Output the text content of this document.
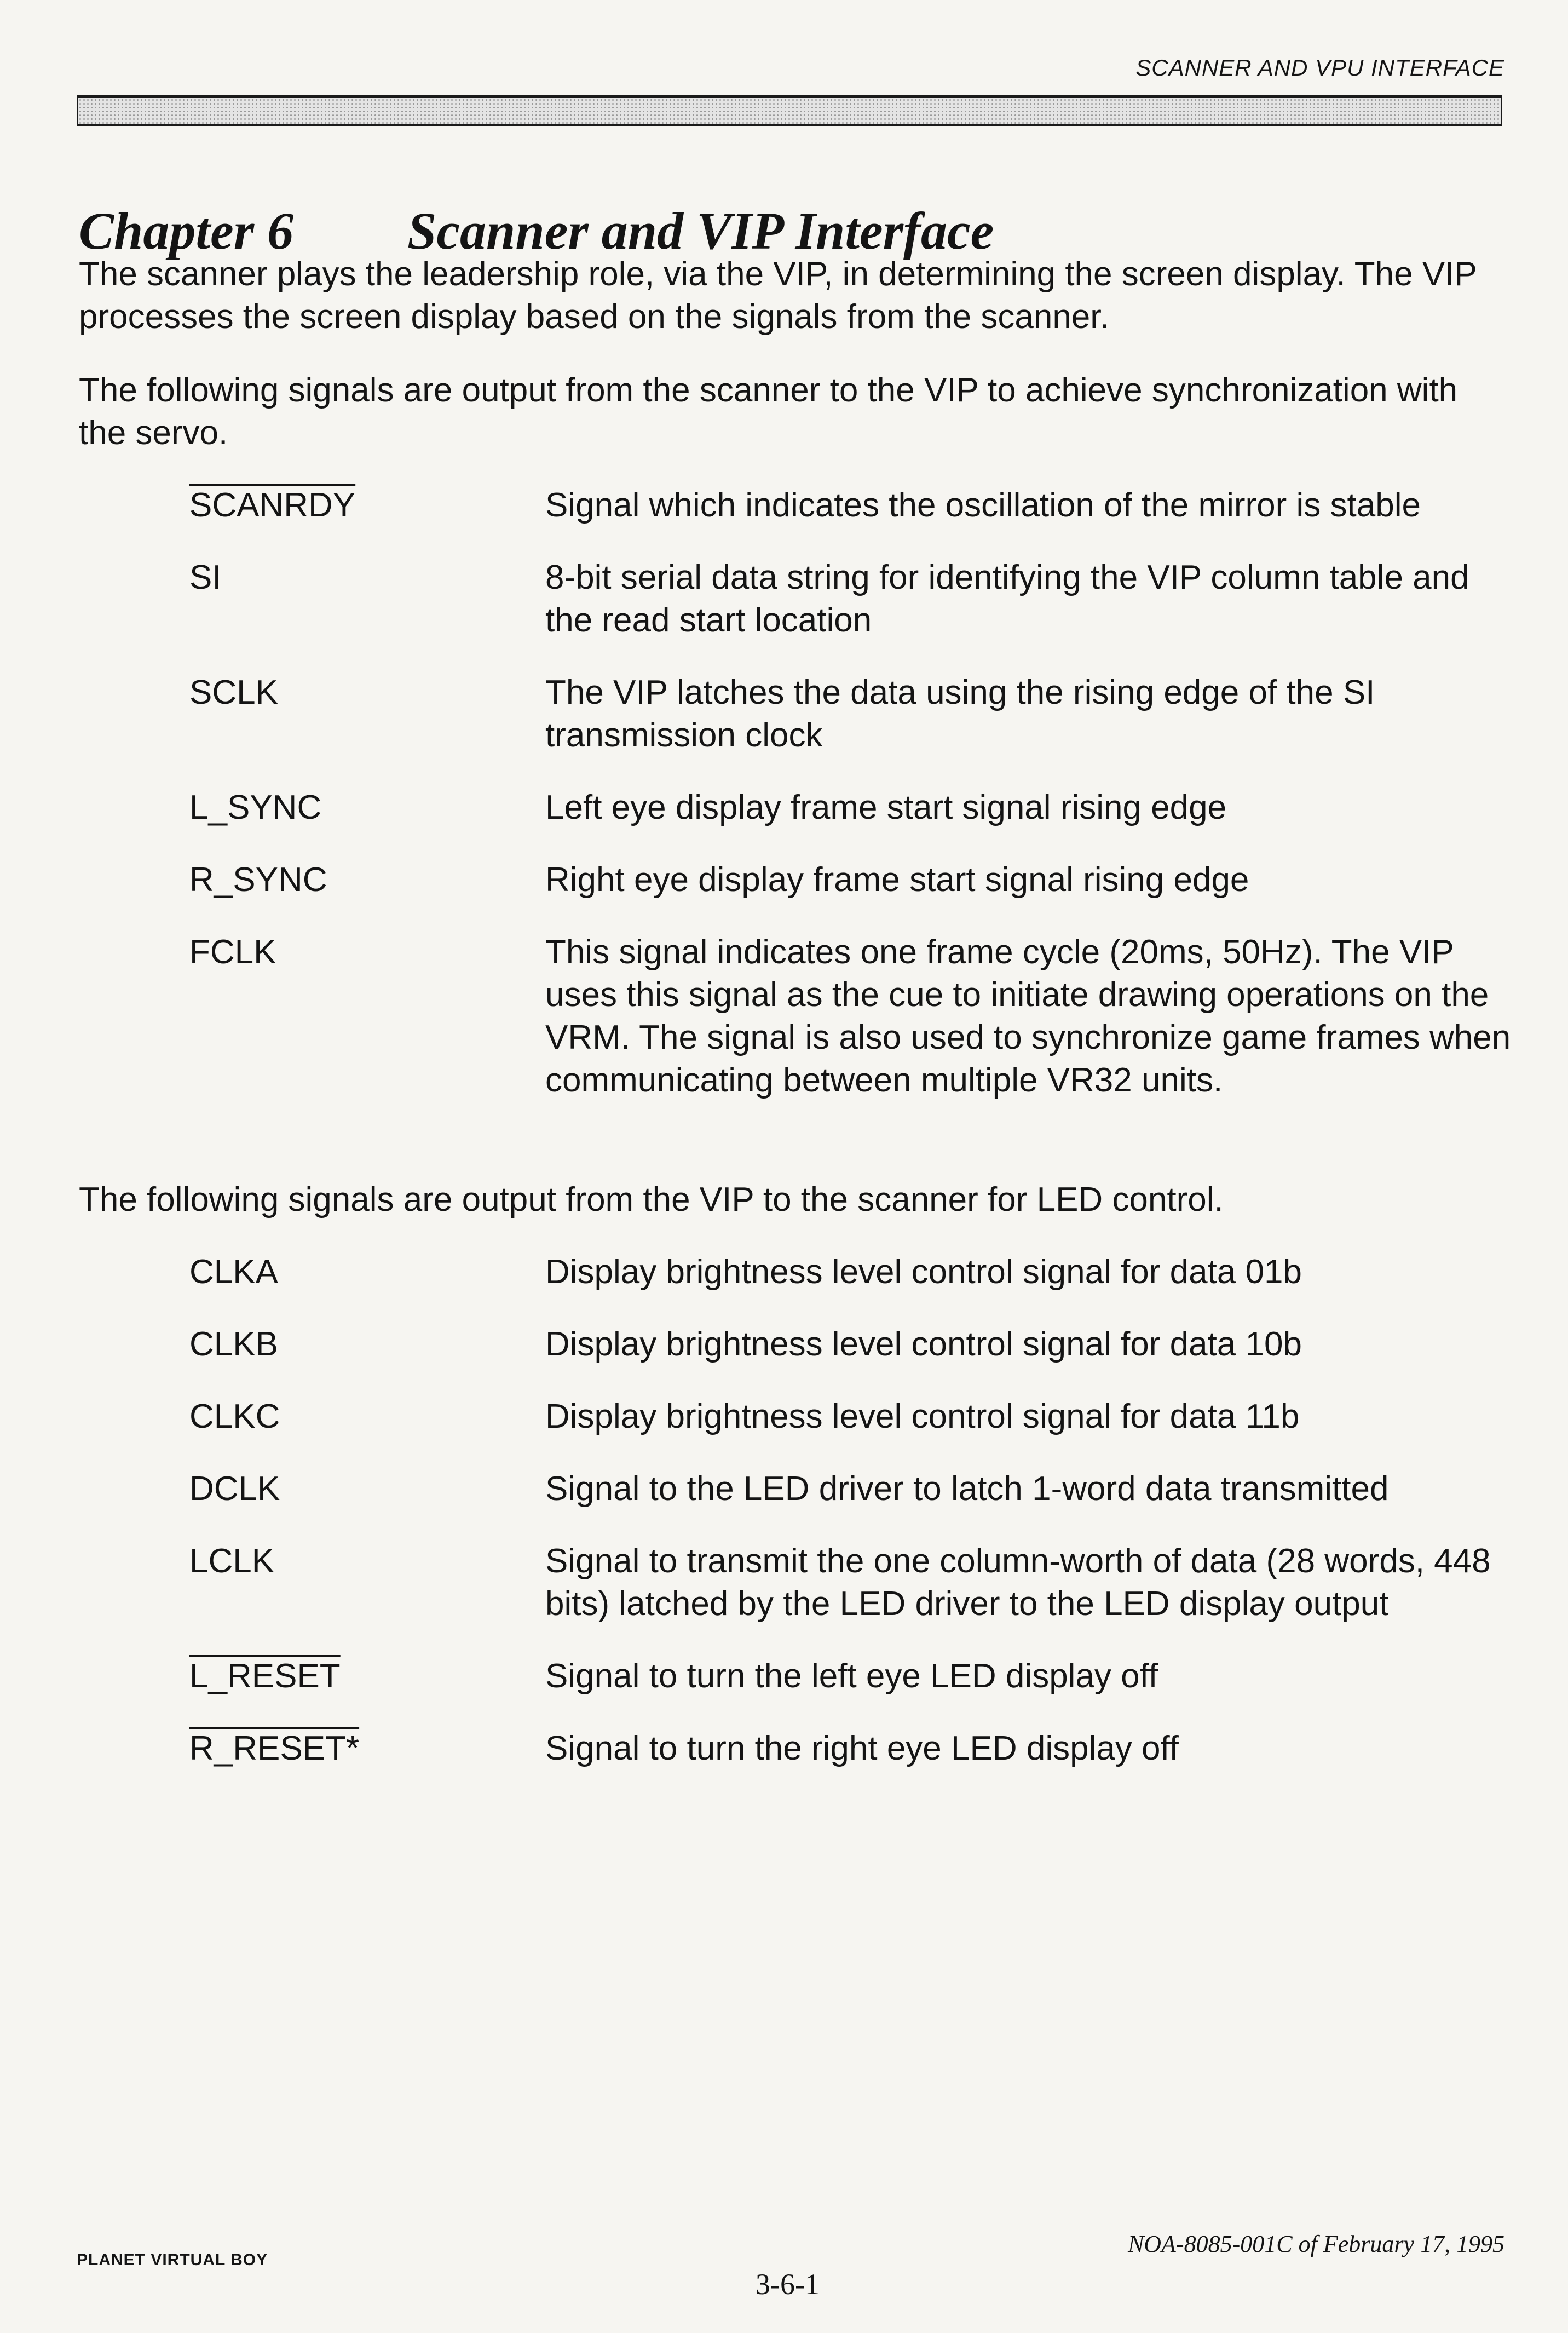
SCANNER AND VPU INTERFACE
Chapter 6	Scanner and VIP Interface

The scanner plays the leadership role, via the VIP, in determining the screen display. The VIP processes the screen display based on the signals from the scanner.

The following signals are output from the scanner to the VIP to achieve synchronization with the servo.

SCANRDY	Signal which indicates the oscillation of the mirror is stable
SI	8-bit serial data string for identifying the VIP column table and the read start location
SCLK	The VIP latches the data using the rising edge of the SI transmission clock
L_SYNC	Left eye display frame start signal rising edge
R_SYNC	Right eye display frame start signal rising edge
FCLK	This signal indicates one frame cycle (20ms, 50Hz). The VIP uses this signal as the cue to initiate drawing operations on the VRM. The signal is also used to synchronize game frames when communicating between multiple VR32 units.

The following signals are output from the VIP to the scanner for LED control.

CLKA	Display brightness level control signal for data 01b
CLKB	Display brightness level control signal for data 10b
CLKC	Display brightness level control signal for data 11b
DCLK	Signal to the LED driver to latch 1-word data transmitted
LCLK	Signal to transmit the one column-worth of data (28 words, 448 bits) latched by the LED driver to the LED display output
L_RESET	Signal to turn the left eye LED display off
R_RESET*	Signal to turn the right eye LED display off
PLANET VIRTUAL BOY
NOA-8085-001C of February 17, 1995
3-6-1
